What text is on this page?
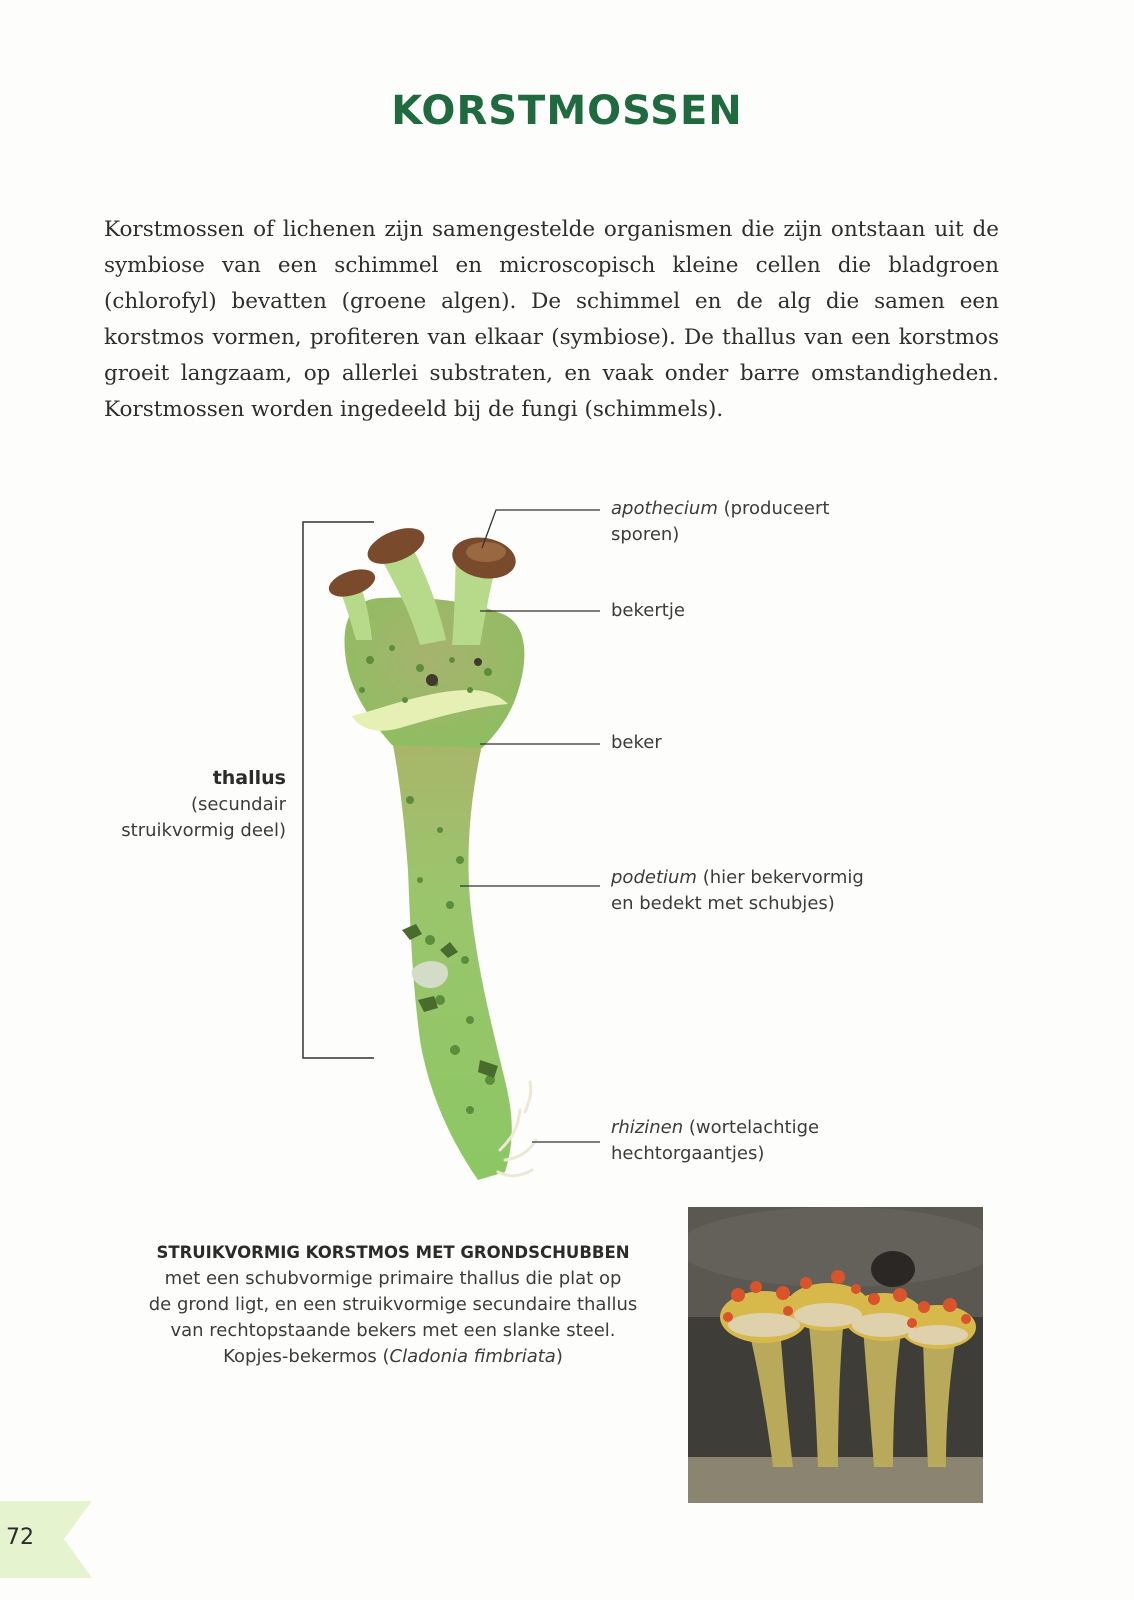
KORSTMOSSEN

Korstmossen of lichenen zijn samengestelde organismen die zijn ontstaan uit de symbiose van een schimmel en microscopisch kleine cellen die bladgroen (chlorofyl) bevatten (groene algen). De schimmel en de alg die samen een korstmos vormen, profiteren van elkaar (symbiose). De thallus van een korstmos groeit langzaam, op allerlei substraten, en vaak onder barre omstandigheden. Korstmossen worden ingedeeld bij de fungi (schimmels).

apothecium (produceert
sporen)
bekertje
beker
podetium (hier bekervormig
en bedekt met schubjes)
rhizinen (wortelachtige
hechtorgaantjes)
thallus
(secundair
struikvormig deel)
STRUIKVORMIG KORSTMOS MET GRONDSCHUBBEN
met een schubvormige primaire thallus die plat op
de grond ligt, en een struikvormige secundaire thallus
van rechtopstaande bekers met een slanke steel.
Kopjes-bekermos (Cladonia fimbriata)
72
